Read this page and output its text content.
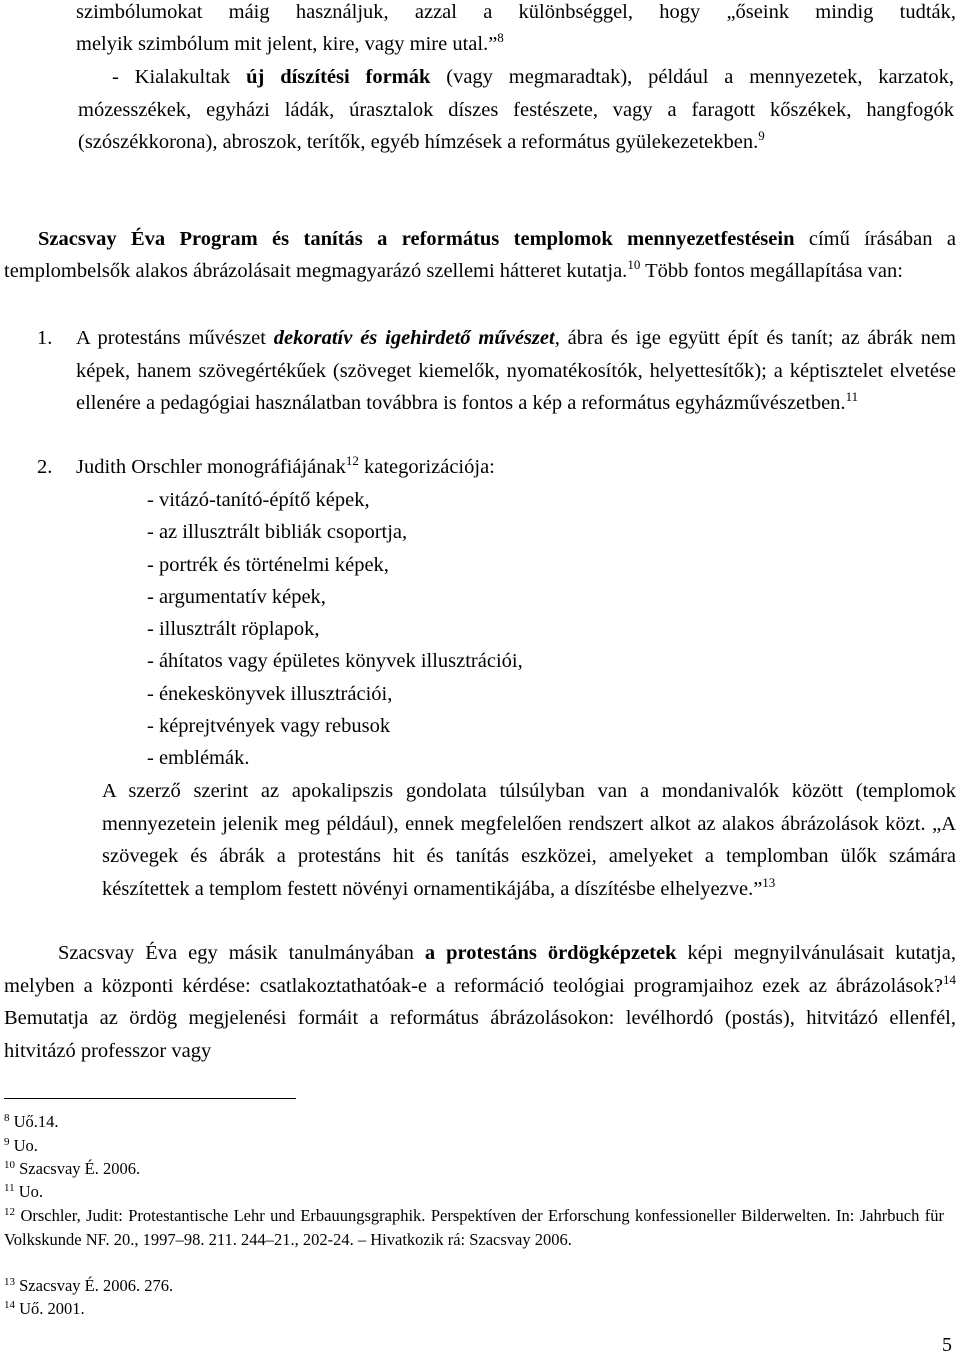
szimbólumokat máig használjuk, azzal a különbséggel, hogy „őseink mindig tudták,

melyik szimbólum mit jelent, kire, vagy mire utal.”$^8$

- Kialakultak új díszítési formák (vagy megmaradtak), például a mennyezetek, karzatok, mózesszékek, egyházi ládák, úrasztalok díszes festészete, vagy a faragott kőszékek, hangfogók (szószékkorona), abroszok, terítők, egyéb hímzések a református gyülekezetekben.$^9$

Szacsvay Éva Program és tanítás a református templomok mennyezetfestésein című írásában a templombelsők alakos ábrázolásait megmagyarázó szellemi hátteret kutatja.$^{10}$ Több fontos megállapítása van:

1. A protestáns művészet dekoratív és igehirdető művészet, ábra és ige együtt épít és tanít; az ábrák nem képek, hanem szövegértékűek (szöveget kiemelők, nyomatékosítók, helyettesítők); a képtisztelet elvetése ellenére a pedagógiai használatban továbbra is fontos a kép a református egyházművészetben.$^{11}$

2. Judith Orschler monográfiájának$^{12}$ kategorizációja:

- vitázó-tanító-építő képek,
- az illusztrált bibliák csoportja,
- portrék és történelmi képek,
- argumentatív képek,
- illusztrált röplapok,
- áhítatos vagy épületes könyvek illusztrációi,
- énekeskönyvek illusztrációi,
- képrejtvények vagy rebusok
- emblémák.

A szerző szerint az apokalipszis gondolata túlsúlyban van a mondanivalók között (templomok mennyezetein jelenik meg például), ennek megfelelően rendszert alkot az alakos ábrázolások közt. „A szövegek és ábrák a protestáns hit és tanítás eszközei, amelyeket a templomban ülők számára készítettek a templom festett növényi ornamentikájába, a díszítésbe elhelyezve.”$^{13}$

Szacsvay Éva egy másik tanulmányában a protestáns ördögképzetek képi megnyilvánulásait kutatja, melyben a központi kérdése: csatlakoztathatóak-e a reformáció teológiai programjaihoz ezek az ábrázolások?$^{14}$ Bemutatja az ördög megjelenési formáit a református ábrázolásokon: levélhordó (postás), hitvitázó ellenfél, hitvitázó professzor vagy

$^8$ Uő.14.

$^9$ Uo.

$^{10}$ Szacsvay É. 2006.

$^{11}$ Uo.

$^{12}$ Orschler, Judit: Protestantische Lehr und Erbauungsgraphik. Perspektíven der Erforschung konfessioneller Bilderwelten. In: Jahrbuch für Volkskunde NF. 20., 1997–98. 211. 244–21., 202-24. – Hivatkozik rá: Szacsvay 2006.

$^{13}$ Szacsvay É. 2006. 276.

$^{14}$ Uő. 2001.

5
